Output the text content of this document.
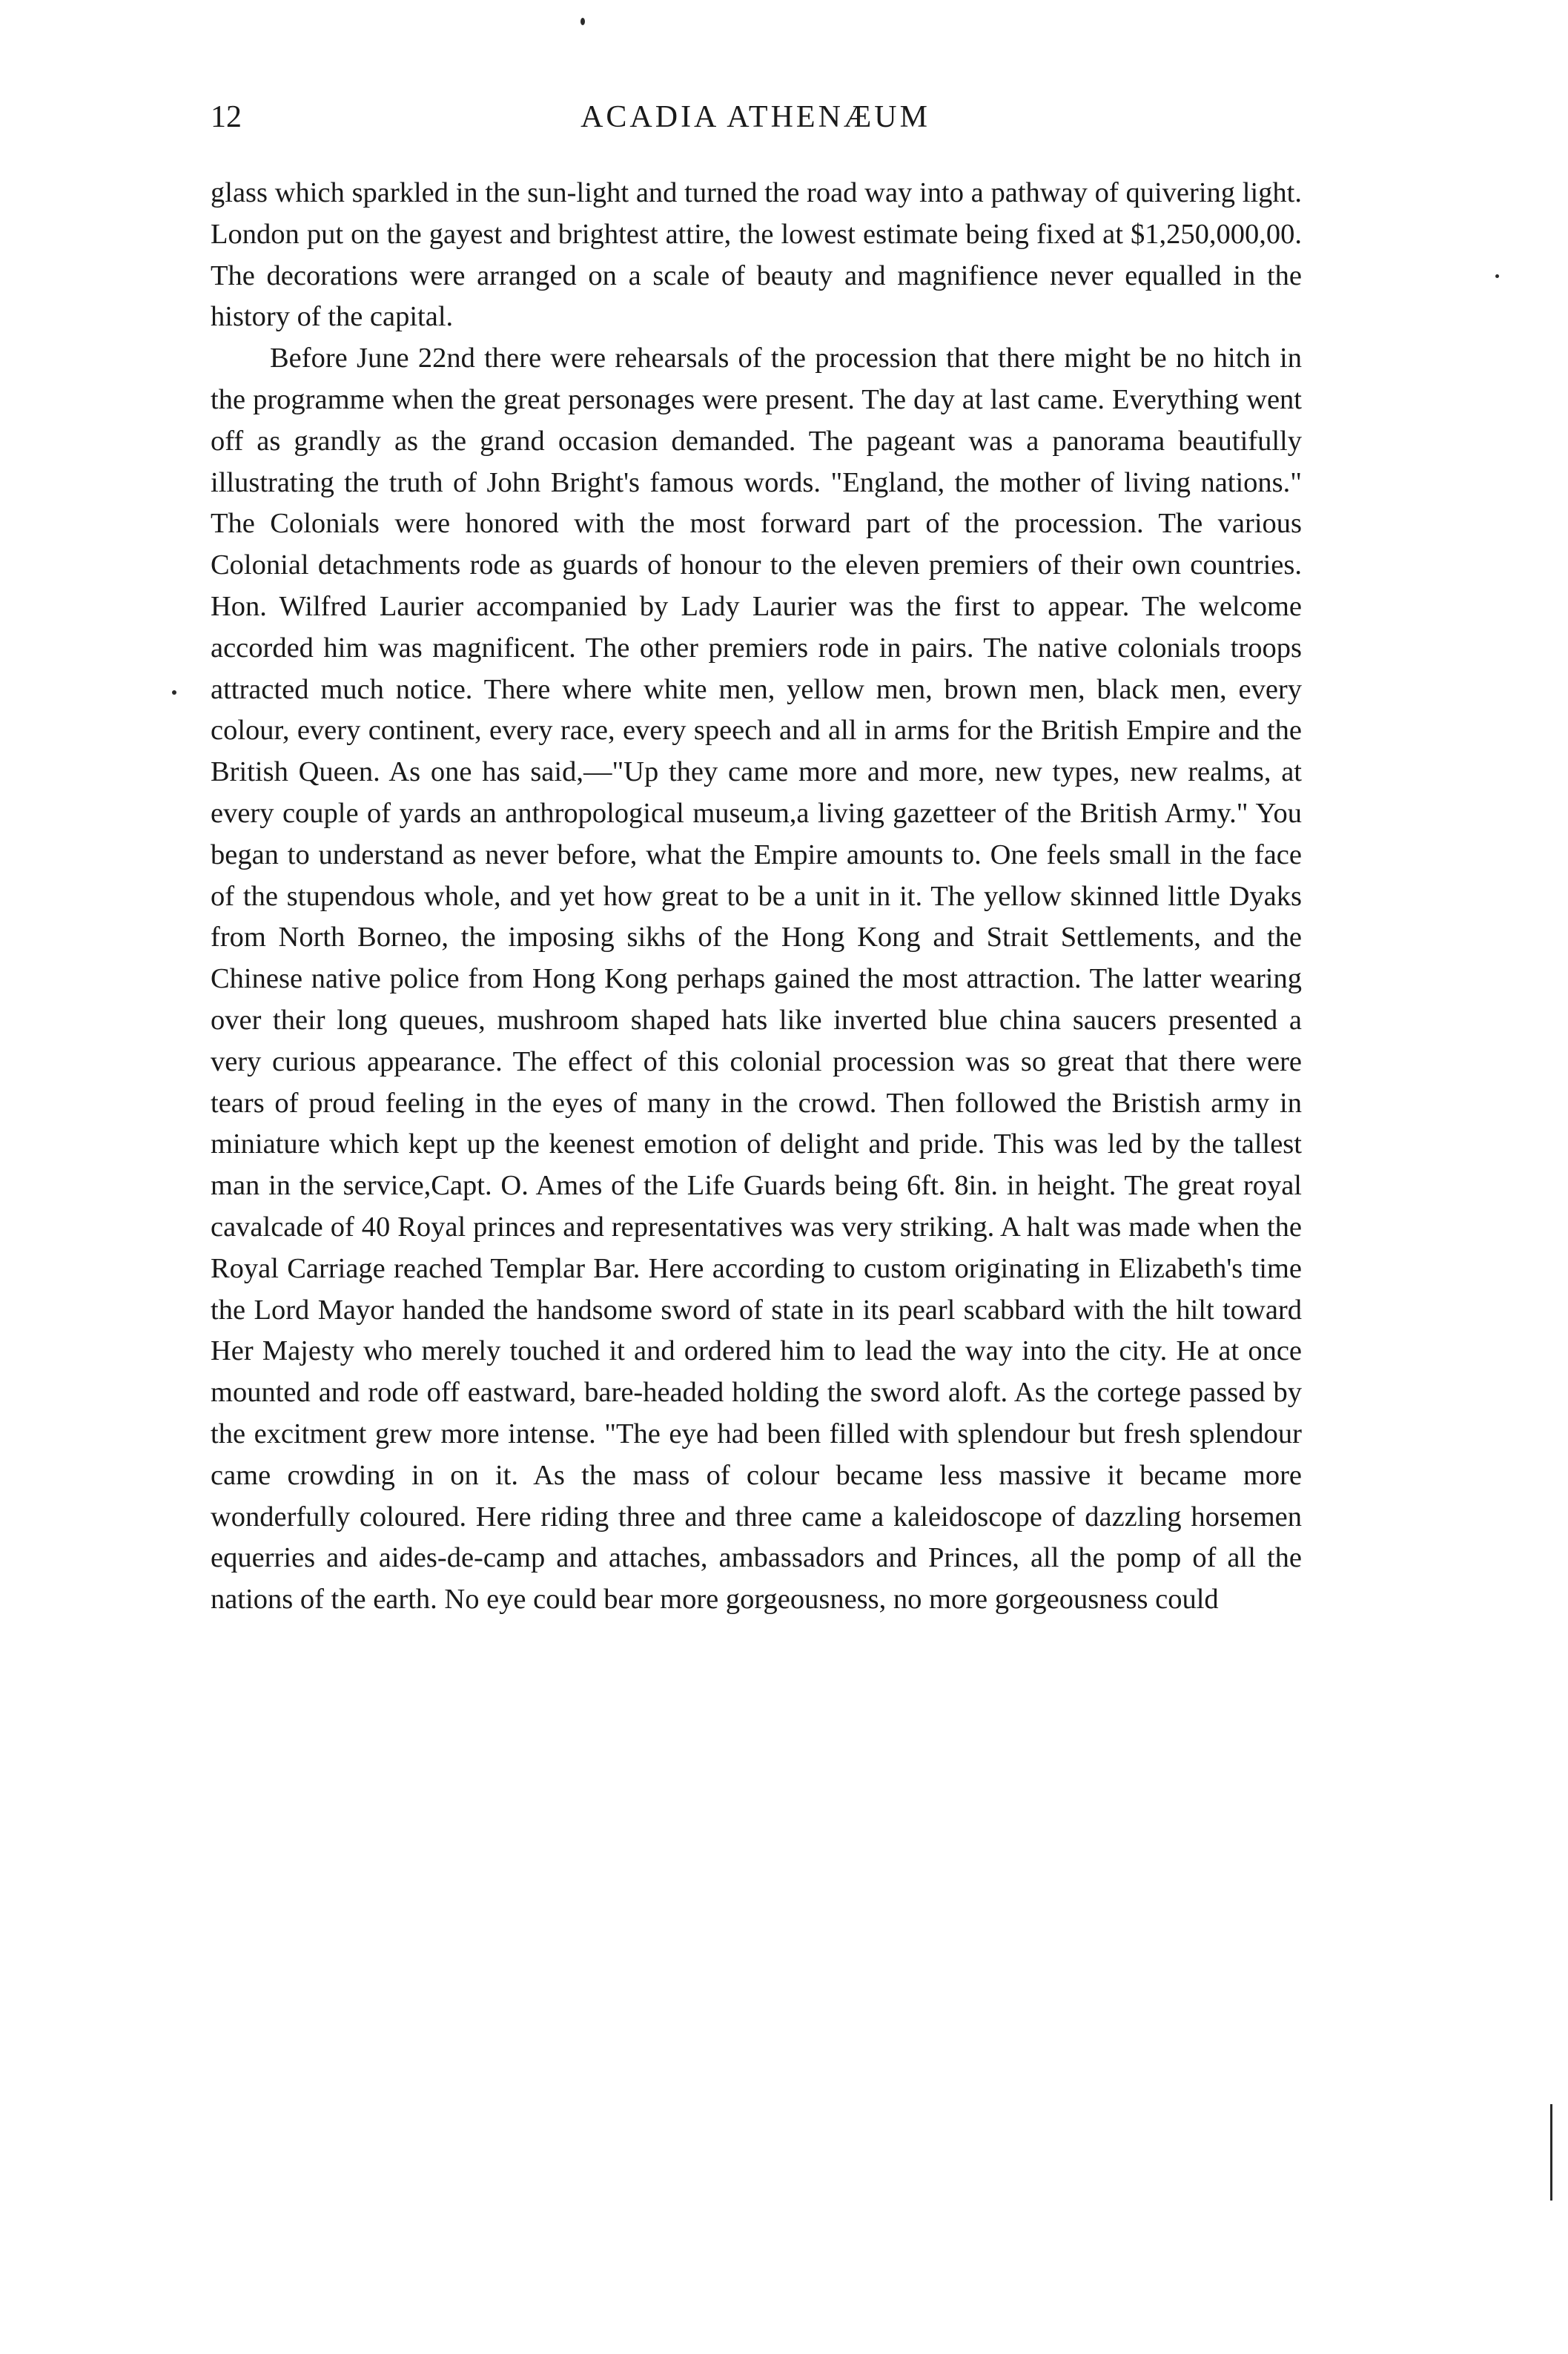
12	ACADIA ATHENÆUM

glass which sparkled in the sun-light and turned the road way into a pathway of quivering light. London put on the gayest and brightest attire, the lowest estimate being fixed at $1,250,000,00. The decorations were arranged on a scale of beauty and magnifience never equalled in the history of the capital.

Before June 22nd there were rehearsals of the procession that there might be no hitch in the programme when the great personages were present. The day at last came. Everything went off as grandly as the grand occasion demanded. The pageant was a panorama beautifully illustrating the truth of John Bright's famous words. "England, the mother of living nations." The Colonials were honored with the most forward part of the procession. The various Colonial detachments rode as guards of honour to the eleven premiers of their own countries. Hon. Wilfred Laurier accompanied by Lady Laurier was the first to appear. The welcome accorded him was magnificent. The other premiers rode in pairs. The native colonials troops attracted much notice. There where white men, yellow men, brown men, black men, every colour, every continent, every race, every speech and all in arms for the British Empire and the British Queen. As one has said,—"Up they came more and more, new types, new realms, at every couple of yards an anthropological museum,a living gazetteer of the British Army." You began to understand as never before, what the Empire amounts to. One feels small in the face of the stupendous whole, and yet how great to be a unit in it. The yellow skinned little Dyaks from North Borneo, the imposing sikhs of the Hong Kong and Strait Settlements, and the Chinese native police from Hong Kong perhaps gained the most attraction. The latter wearing over their long queues, mushroom shaped hats like inverted blue china saucers presented a very curious appearance. The effect of this colonial procession was so great that there were tears of proud feeling in the eyes of many in the crowd. Then followed the Bristish army in miniature which kept up the keenest emotion of delight and pride. This was led by the tallest man in the service,Capt. O. Ames of the Life Guards being 6ft. 8in. in height. The great royal cavalcade of 40 Royal princes and representatives was very striking. A halt was made when the Royal Carriage reached Templar Bar. Here according to custom originating in Elizabeth's time the Lord Mayor handed the handsome sword of state in its pearl scabbard with the hilt toward Her Majesty who merely touched it and ordered him to lead the way into the city. He at once mounted and rode off eastward, bare-headed holding the sword aloft. As the cortege passed by the excitment grew more intense. "The eye had been filled with splendour but fresh splendour came crowding in on it. As the mass of colour became less massive it became more wonderfully coloured. Here riding three and three came a kaleidoscope of dazzling horsemen equerries and aides-de-camp and attaches, ambassadors and Princes, all the pomp of all the nations of the earth. No eye could bear more gorgeousness, no more gorgeousness could
